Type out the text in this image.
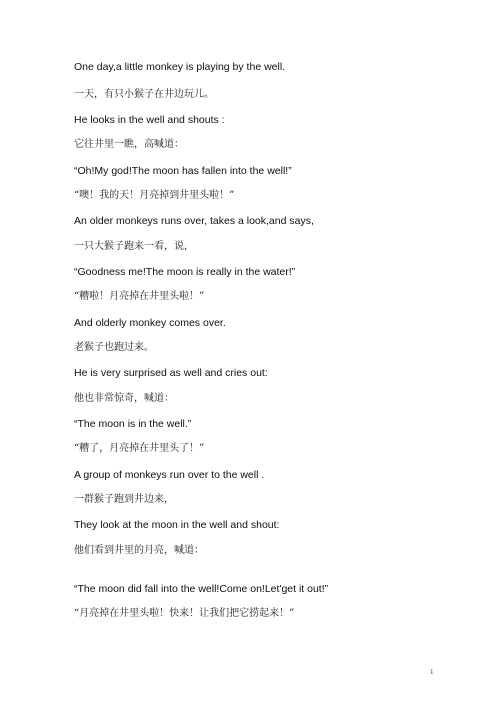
One day,a little monkey is playing by the well.
一天，有只小猴子在井边玩儿。
He looks in the well and shouts :
它往井里一瞧，高喊道：
“Oh!My god!The moon has fallen into the well!”
“噢！我的天！月亮掉到井里头啦！”
An older monkeys runs over, takes a look,and says,
一只大猴子跑来一看，说，
“Goodness me!The moon is really in the water!”
“糟啦！月亮掉在井里头啦！”
And olderly monkey comes over.
老猴子也跑过来。
He is very surprised as well and cries out:
他也非常惊奇，喊道：
“The moon is in the well.”
“糟了，月亮掉在井里头了！”
A group of monkeys run over to the well .
一群猴子跑到井边来，
They look at the moon in the well and shout:
他们看到井里的月亮，喊道：
“The moon did fall into the well!Come on!Let'get it out!”
“月亮掉在井里头啦！快来！让我们把它捞起来！”
1
